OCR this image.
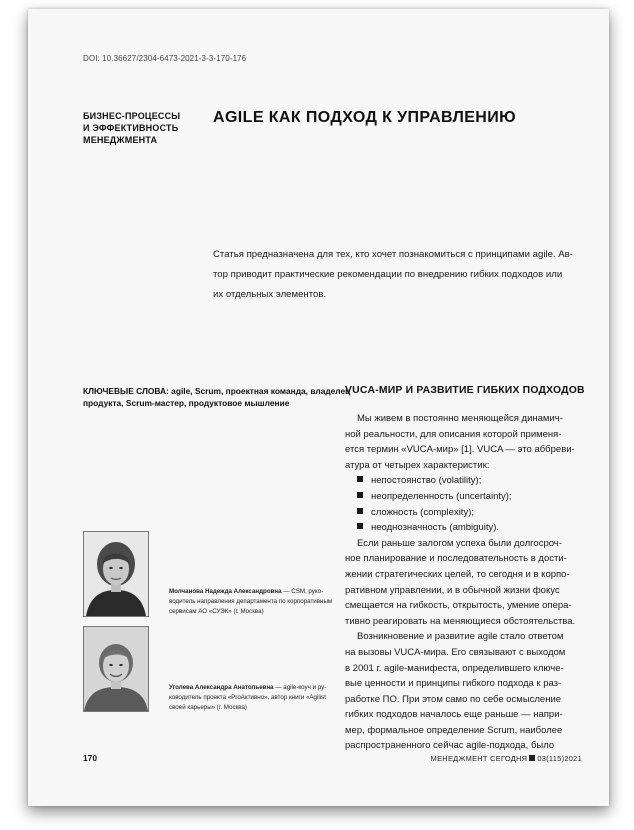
DOI: 10.36627/2304-6473-2021-3-3-170-176
БИЗНЕС-ПРОЦЕССЫ
И ЭФФЕКТИВНОСТЬ
МЕНЕДЖМЕНТА
AGILE КАК ПОДХОД К УПРАВЛЕНИЮ
Статья предназначена для тех, кто хочет познакомиться с принципами agile. Ав-
тор приводит практические рекомендации по внедрению гибких подходов или
их отдельных элементов.
КЛЮЧЕВЫЕ СЛОВА: agile, Scrum, проектная команда, владелец
продукта, Scrum-мастер, продуктовое мышление
VUCA-МИР И РАЗВИТИЕ ГИБКИХ ПОДХОДОВ
Мы живем в постоянно меняющейся динамич-
ной реальности, для описания которой применя-
ется термин «VUCA-мир» [1]. VUCA — это аббреви-
атура от четырех характеристик:
непостоянство (volatility);
неопределенность (uncertainty);
сложность (complexity);
неоднозначность (ambiguity).
Если раньше залогом успеха были долгосроч-
ное планирование и последовательность в дости-
жении стратегических целей, то сегодня и в корпо-
ративном управлении, и в обычной жизни фокус
смещается на гибкость, открытость, умение опера-
тивно реагировать на меняющиеся обстоятельства.
Возникновение и развитие agile стало ответом
на вызовы VUCA-мира. Его связывают с выходом
в 2001 г. agile-манифеста, определившего ключе-
вые ценности и принципы гибкого подхода к раз-
работке ПО. При этом само по себе осмысление
гибких подходов началось еще раньше — напри-
мер, формальное определение Scrum, наиболее
распространенного сейчас agile-подхода, было
Молчанова Надежда Александровна — CSM, руко-
водитель направления департамента по корпоративным
сервисам АО «СУЭК» (г. Москва)
Уголева Александра Анатольевна — agile-коуч и ру-
ководитель проекта «ProАктивно», автор книги «Agilist
своей карьеры» (г. Москва)
170	МЕНЕДЖМЕНТ СЕГОДНЯ 03(115)2021
